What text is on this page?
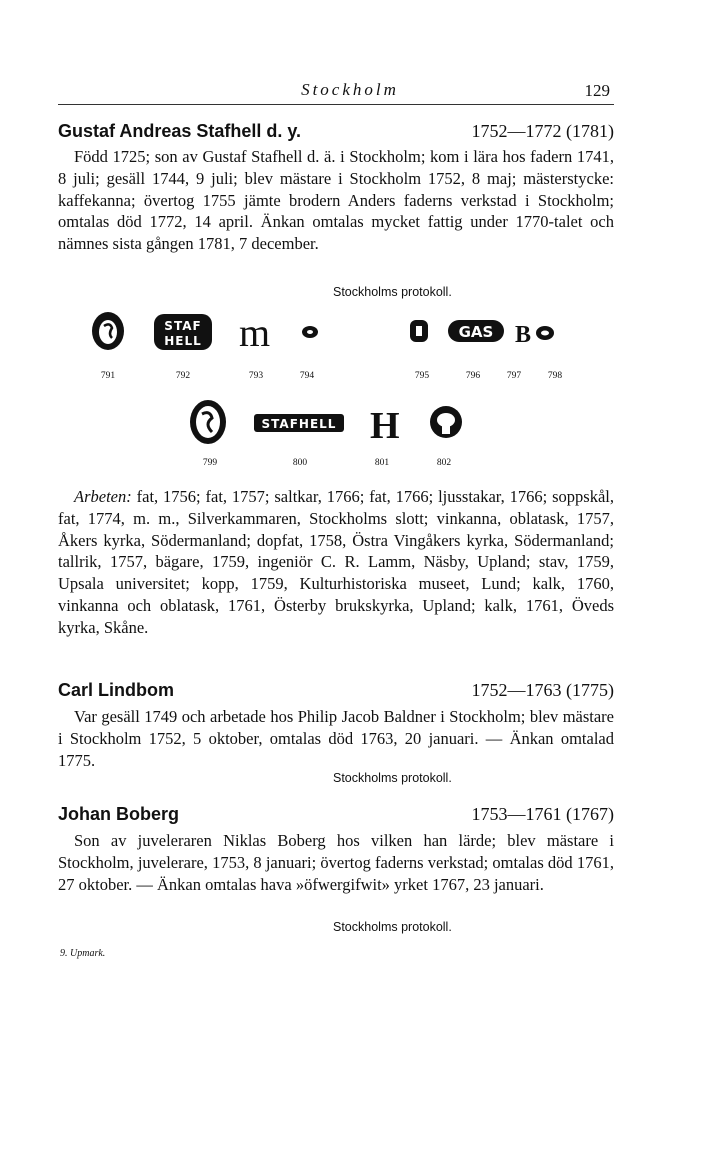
Stockholm	129
Gustaf Andreas Stafhell d. y.	1752—1772 (1781)

Född 1725; son av Gustaf Stafhell d. ä. i Stockholm; kom i lära hos fadern 1741, 8 juli; gesäll 1744, 9 juli; blev mästare i Stockholm 1752, 8 maj; mästerstycke: kaffekanna; övertog 1755 jämte brodern Anders faderns verkstad i Stockholm; omtalas död 1772, 14 april. Änkan omtalas mycket fattig under 1770-talet och nämnes sista gången 1781, 7 december.

Stockholms protokoll.
STAF
HELL m	GAS B
791	792	793	794	795	796	797	798
STAFHELL H
799	800	801	802

Arbeten: fat, 1756; fat, 1757; saltkar, 1766; fat, 1766; ljusstakar, 1766; soppskål, fat, 1774, m. m., Silverkammaren, Stockholms slott; vinkanna, oblatask, 1757, Åkers kyrka, Södermanland; dopfat, 1758, Östra Vingåkers kyrka, Södermanland; tallrik, 1757, bägare, 1759, ingeniör C. R. Lamm, Näsby, Upland; stav, 1759, Upsala universitet; kopp, 1759, Kulturhistoriska museet, Lund; kalk, 1760, vinkanna och oblatask, 1761, Österby brukskyrka, Upland; kalk, 1761, Öveds kyrka, Skåne.

Carl Lindbom	1752—1763 (1775)

Var gesäll 1749 och arbetade hos Philip Jacob Baldner i Stockholm; blev mästare i Stockholm 1752, 5 oktober, omtalas död 1763, 20 januari. — Änkan omtalad 1775.

Stockholms protokoll.
Johan Boberg	1753—1761 (1767)

Son av juveleraren Niklas Boberg hos vilken han lärde; blev mästare i Stockholm, juvelerare, 1753, 8 januari; övertog faderns verkstad; omtalas död 1761, 27 oktober. — Änkan omtalas hava »öfwergifwit» yrket 1767, 23 januari.

Stockholms protokoll.
9. Upmark.
